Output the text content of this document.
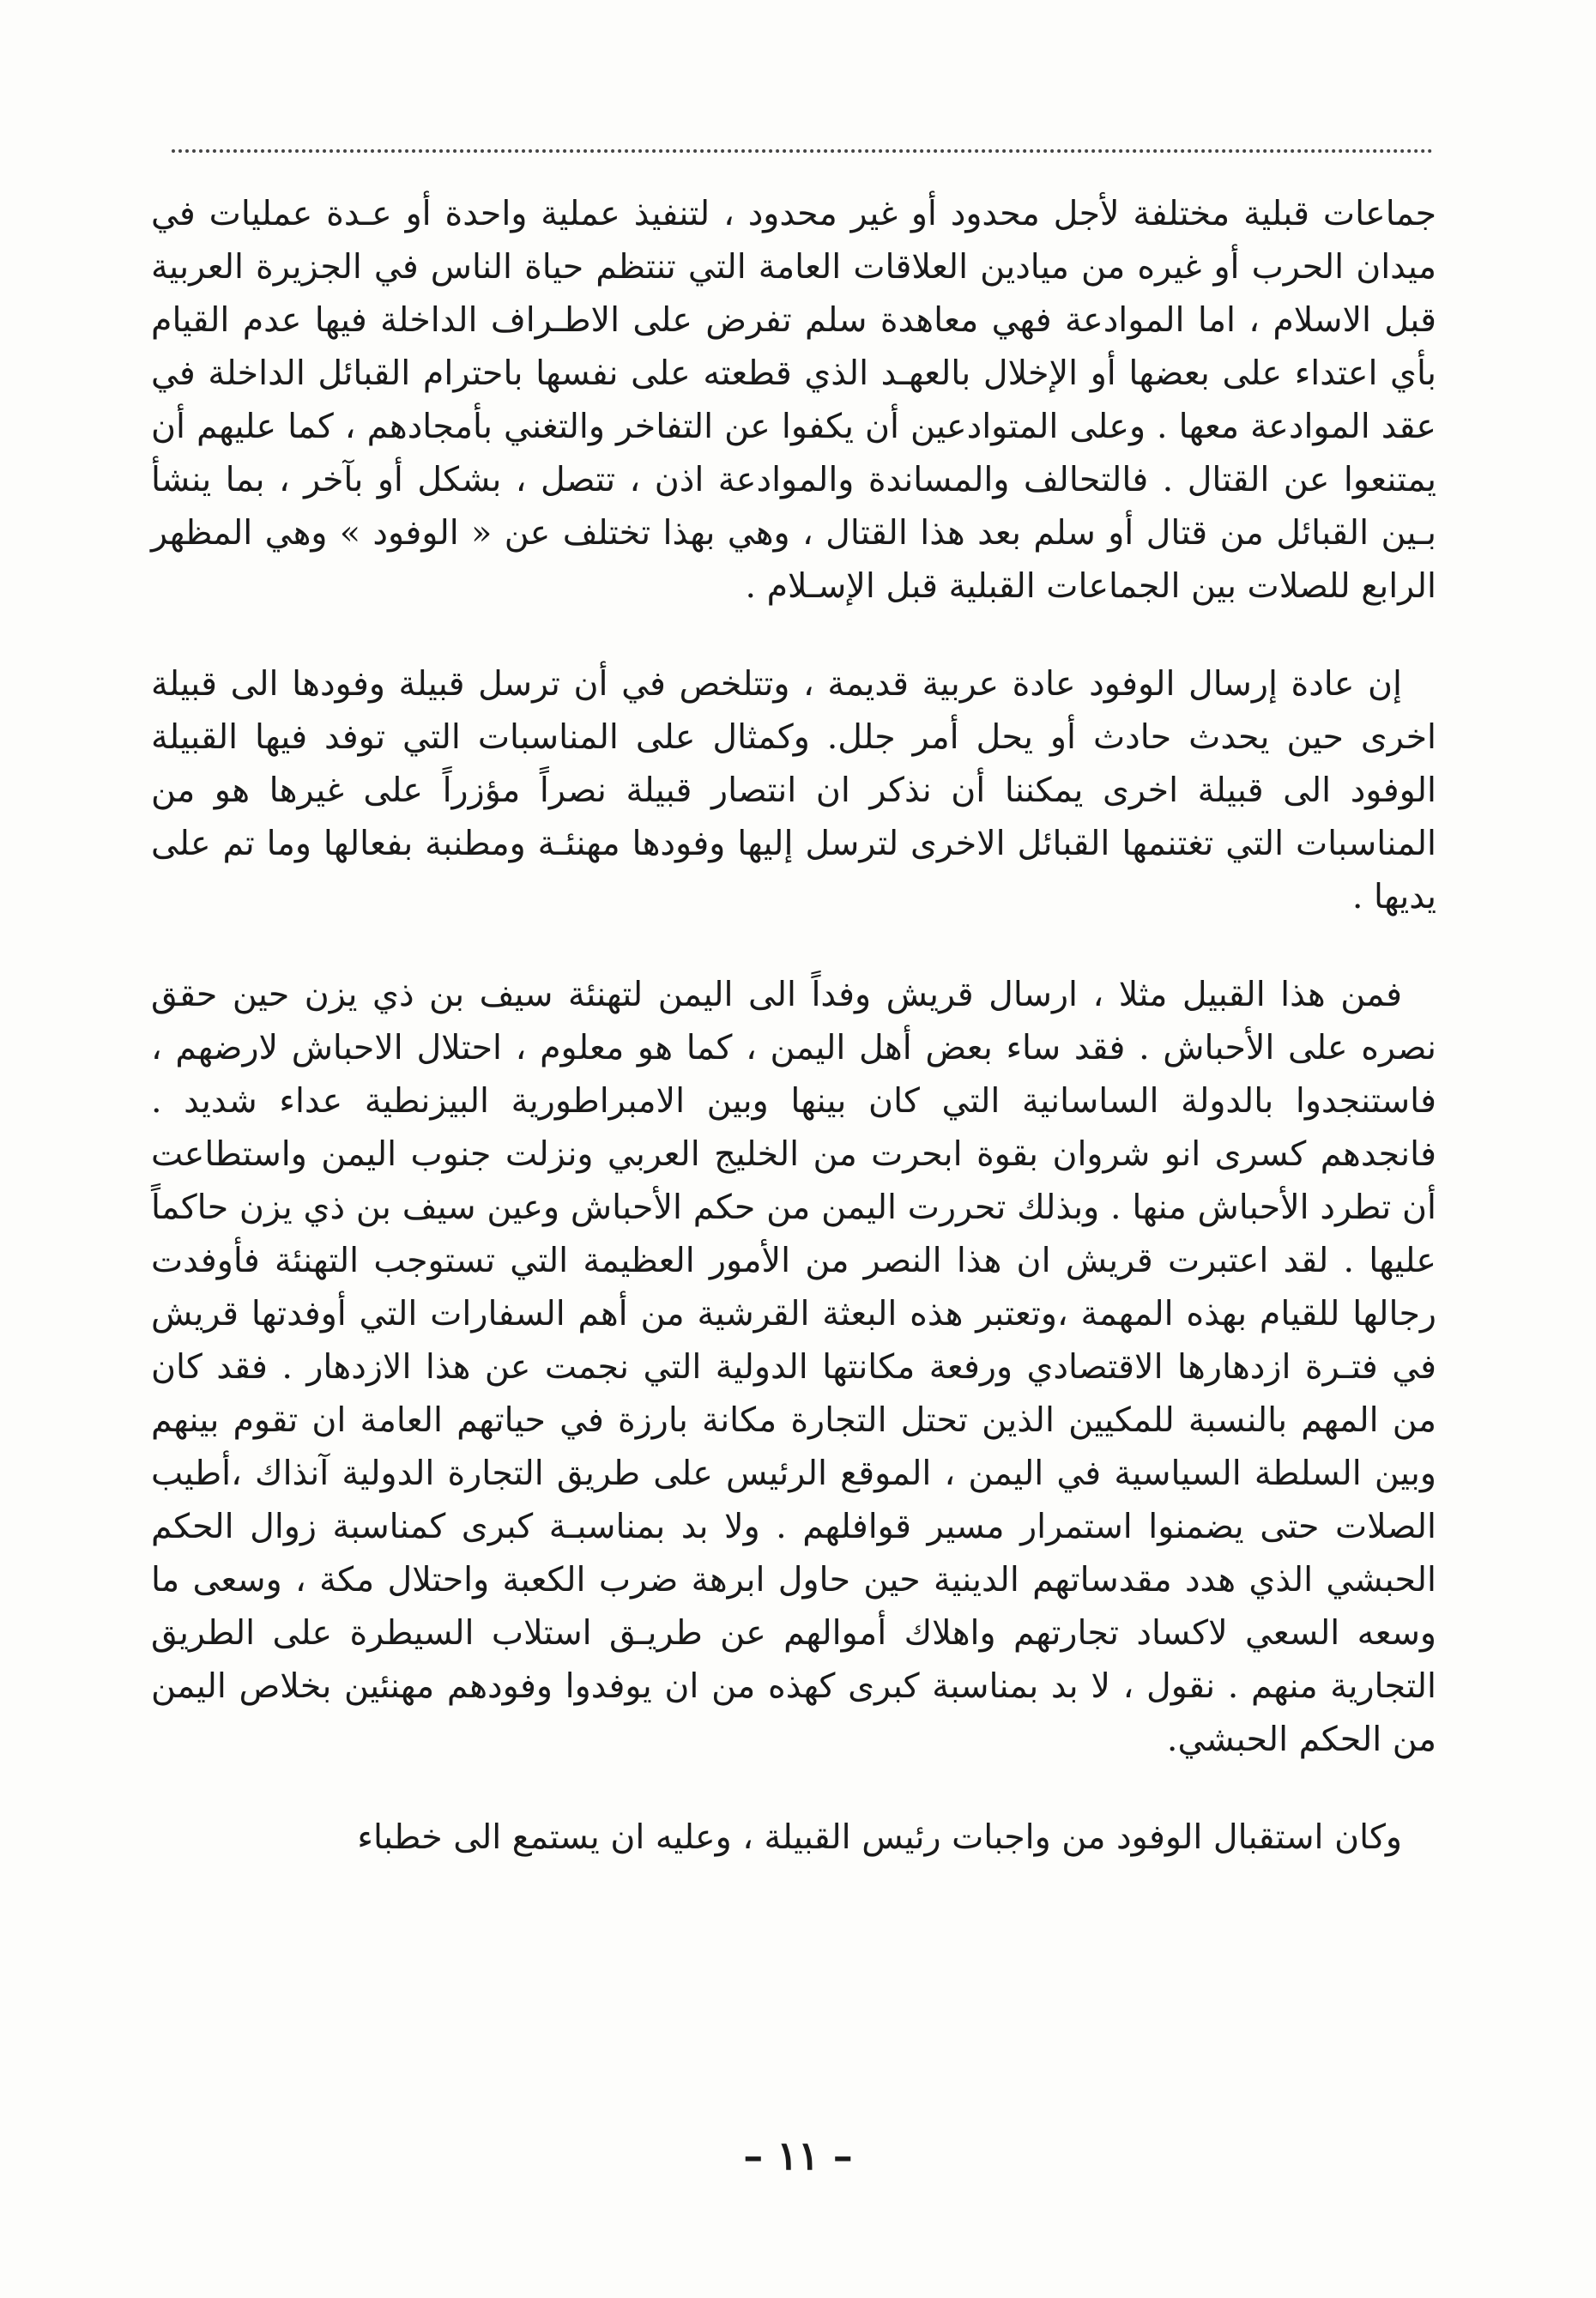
جماعات قبلية مختلفة لأجل محدود أو غير محدود ، لتنفيذ عملية واحدة أو عـدة عمليات في ميدان الحرب أو غيره من ميادين العلاقات العامة التي تنتظم حياة الناس في الجزيرة العربية قبل الاسلام ، اما الموادعة فهي معاهدة سلم تفرض على الاطـراف الداخلة فيها عدم القيام بأي اعتداء على بعضها أو الإخلال بالعهـد الذي قطعته على نفسها باحترام القبائل الداخلة في عقد الموادعة معها . وعلى المتوادعين أن يكفوا عن التفاخر والتغني بأمجادهم ، كما عليهم أن يمتنعوا عن القتال . فالتحالف والمساندة والموادعة اذن ، تتصل ، بشكل أو بآخر ، بما ينشأ بـين القبائل من قتال أو سلم بعد هذا القتال ، وهي بهذا تختلف عن « الوفود » وهي المظهر الرابع للصلات بين الجماعات القبلية قبل الإسـلام .

إن عادة إرسال الوفود عادة عربية قديمة ، وتتلخص في أن ترسل قبيلة وفودها الى قبيلة اخرى حين يحدث حادث أو يحل أمر جلل. وكمثال على المناسبات التي توفد فيها القبيلة الوفود الى قبيلة اخرى يمكننا أن نذكر ان انتصار قبيلة نصراً مؤزراً على غيرها هو من المناسبات التي تغتنمها القبائل الاخرى لترسل إليها وفودها مهنئـة ومطنبة بفعالها وما تم على يديها .

فمن هذا القبيل مثلا ، ارسال قريش وفداً الى اليمن لتهنئة سيف بن ذي يزن حين حقق نصره على الأحباش . فقد ساء بعض أهل اليمن ، كما هو معلوم ، احتلال الاحباش لارضهم ، فاستنجدوا بالدولة الساسانية التي كان بينها وبين الامبراطورية البيزنطية عداء شديد . فانجدهم كسرى انو شروان بقوة ابحرت من الخليج العربي ونزلت جنوب اليمن واستطاعت أن تطرد الأحباش منها . وبذلك تحررت اليمن من حكم الأحباش وعين سيف بن ذي يزن حاكماً عليها . لقد اعتبرت قريش ان هذا النصر من الأمور العظيمة التي تستوجب التهنئة فأوفدت رجالها للقيام بهذه المهمة ،وتعتبر هذه البعثة القرشية من أهم السفارات التي أوفدتها قريش في فتـرة ازدهارها الاقتصادي ورفعة مكانتها الدولية التي نجمت عن هذا الازدهار . فقد كان من المهم بالنسبة للمكيين الذين تحتل التجارة مكانة بارزة في حياتهم العامة ان تقوم بينهم وبين السلطة السياسية في اليمن ، الموقع الرئيس على طريق التجارة الدولية آنذاك ،أطيب الصلات حتى يضمنوا استمرار مسير قوافلهم . ولا بد بمناسبـة كبرى كمناسبة زوال الحكم الحبشي الذي هدد مقدساتهم الدينية حين حاول ابرهة ضرب الكعبة واحتلال مكة ، وسعى ما وسعه السعي لاكساد تجارتهم واهلاك أموالهم عن طريـق استلاب السيطرة على الطريق التجارية منهم . نقول ، لا بد بمناسبة كبرى كهذه من ان يوفدوا وفودهم مهنئين بخلاص اليمن من الحكم الحبشي.

وكان استقبال الوفود من واجبات رئيس القبيلة ، وعليه ان يستمع الى خطباء

– ١١ –
